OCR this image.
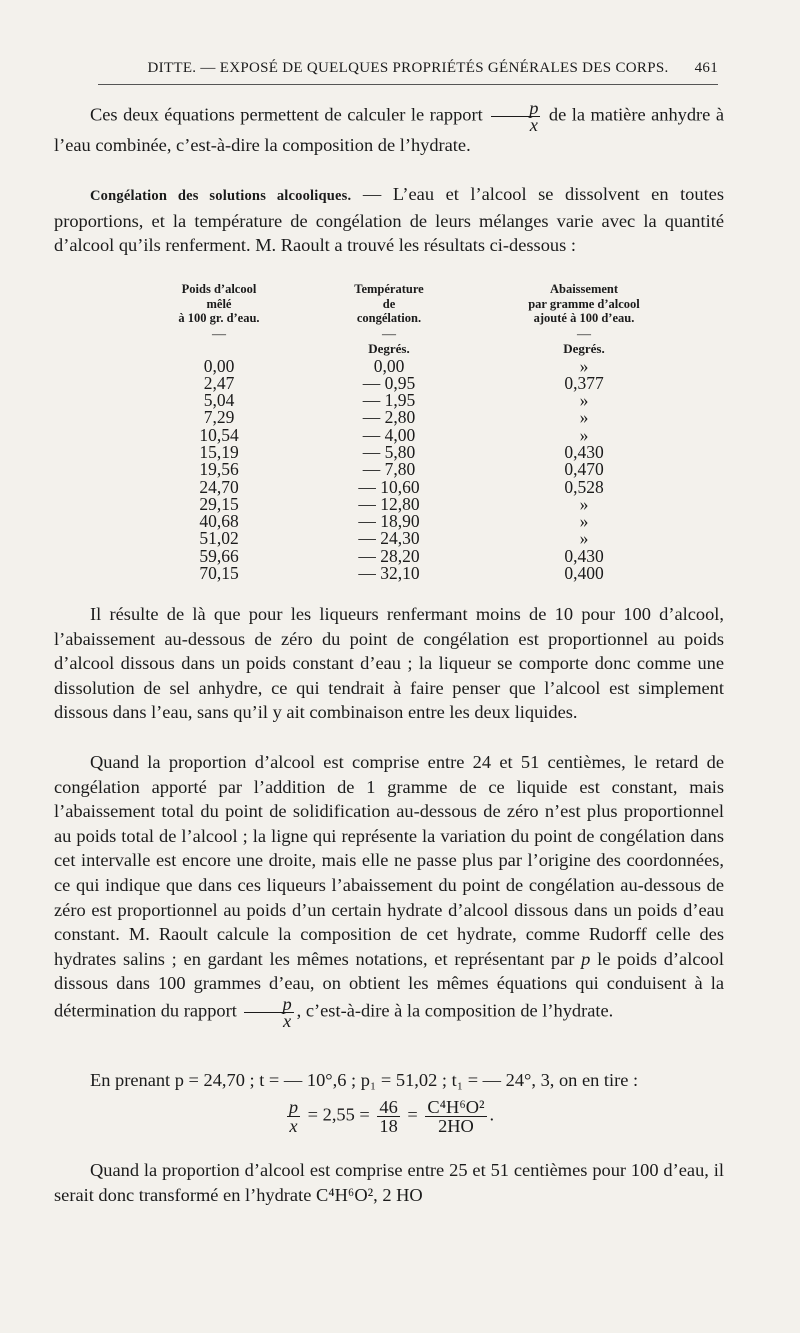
DITTE. — EXPOSÉ DE QUELQUES PROPRIÉTÉS GÉNÉRALES DES CORPS.	461

Ces deux équations permettent de calculer le rapport $\frac{p}{x}$ de la matière anhydre à l’eau combinée, c’est-à-dire la composition de l’hydrate.

Congélation des solutions alcooliques. — L’eau et l’alcool se dissolvent en toutes proportions, et la température de congélation de leurs mélanges varie avec la quantité d’alcool qu’ils renferment. M. Raoult a trouvé les résultats ci-dessous :

Poids d’alcool
mêlé
à 100 gr. d’eau.
—
0,00
2,47
5,04
7,29
10,54
15,19
19,56
24,70
29,15
40,68
51,02
59,66
70,15
Température
de
congélation.
—
Degrés.
0,00
— 0,95
— 1,95
— 2,80
— 4,00
— 5,80
— 7,80
— 10,60
— 12,80
— 18,90
— 24,30
— 28,20
— 32,10
Abaissement
par gramme d’alcool
ajouté à 100 d’eau.
—
Degrés.
»
0,377
»
»
»
0,430
0,470
0,528
»
»
»
0,430
0,400

Il résulte de là que pour les liqueurs renfermant moins de 10 pour 100 d’alcool, l’abaissement au-dessous de zéro du point de congélation est proportionnel au poids d’alcool dissous dans un poids constant d’eau ; la liqueur se comporte donc comme une dissolution de sel anhydre, ce qui tendrait à faire penser que l’alcool est simplement dissous dans l’eau, sans qu’il y ait combinaison entre les deux liquides.

Quand la proportion d’alcool est comprise entre 24 et 51 centièmes, le retard de congélation apporté par l’addition de 1 gramme de ce liquide est constant, mais l’abaissement total du point de solidification au-dessous de zéro n’est plus proportionnel au poids total de l’alcool ; la ligne qui représente la variation du point de congélation dans cet intervalle est encore une droite, mais elle ne passe plus par l’origine des coordonnées, ce qui indique que dans ces liqueurs l’abaissement du point de congélation au-dessous de zéro est proportionnel au poids d’un certain hydrate d’alcool dissous dans un poids d’eau constant. M. Raoult calcule la composition de cet hydrate, comme Rudorff celle des hydrates salins ; en gardant les mêmes notations, et représentant par p le poids d’alcool dissous dans 100 grammes d’eau, on obtient les mêmes équations qui conduisent à la détermination du rapport $\frac{p}{x}$ , c’est-à-dire à la composition de l’hydrate.

En prenant p = 24,70 ; t = — 10°,6 ; p₁ = 51,02 ; t₁ = — 24°, 3, on en tire :

$\frac{p}{x} = 2,55 = \frac{46}{18} = \frac{\text{C⁴H⁶O²}}{2HO}$ .

Quand la proportion d’alcool est comprise entre 25 et 51 centièmes pour 100 d’eau, il serait donc transformé en l’hydrate C⁴H⁶O², 2 HO
